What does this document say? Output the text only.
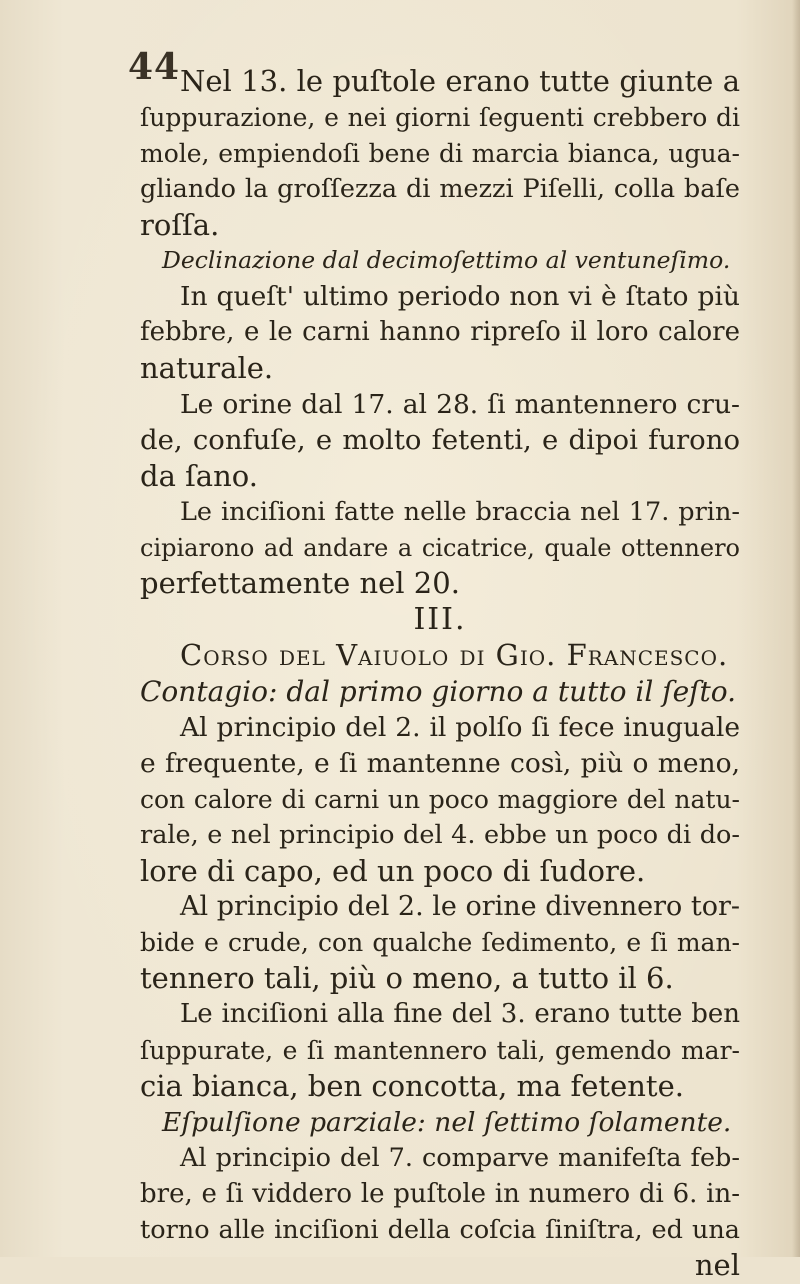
44 Nel 13. le puſtole erano tutte giunte a
ſuppurazione, e nei giorni ſeguenti crebbero di
mole, empiendoſi bene di marcia bianca, ugua-
gliando la groſſezza di mezzi Piſelli, colla baſe
roſſa.
Declinazione dal decimoſettimo al ventuneſimo.
In queſt' ultimo periodo non vi è ſtato più
febbre, e le carni hanno ripreſo il loro calore
naturale.
Le orine dal 17. al 28. ſi mantennero cru-
de, confuſe, e molto fetenti, e dipoi furono
da ſano.
Le inciſioni fatte nelle braccia nel 17. prin-
cipiarono ad andare a cicatrice, quale ottennero
perfettamente nel 20.
III.
Corso del Vaiuolo di Gio. Francesco.
Contagio: dal primo giorno a tutto il ſeſto.
Al principio del 2. il polſo ſi fece inuguale
e frequente, e ſi mantenne così, più o meno,
con calore di carni un poco maggiore del natu-
rale, e nel principio del 4. ebbe un poco di do-
lore di capo, ed un poco di ſudore.
Al principio del 2. le orine divennero tor-
bide e crude, con qualche ſedimento, e ſi man-
tennero tali, più o meno, a tutto il 6.
Le inciſioni alla fine del 3. erano tutte ben
ſuppurate, e ſi mantennero tali, gemendo mar-
cia bianca, ben concotta, ma fetente.
Eſpulſione parziale: nel ſettimo ſolamente.
Al principio del 7. comparve manifeſta feb-
bre, e ſi viddero le puſtole in numero di 6. in-
torno alle inciſioni della coſcia ſiniſtra, ed una
nel
